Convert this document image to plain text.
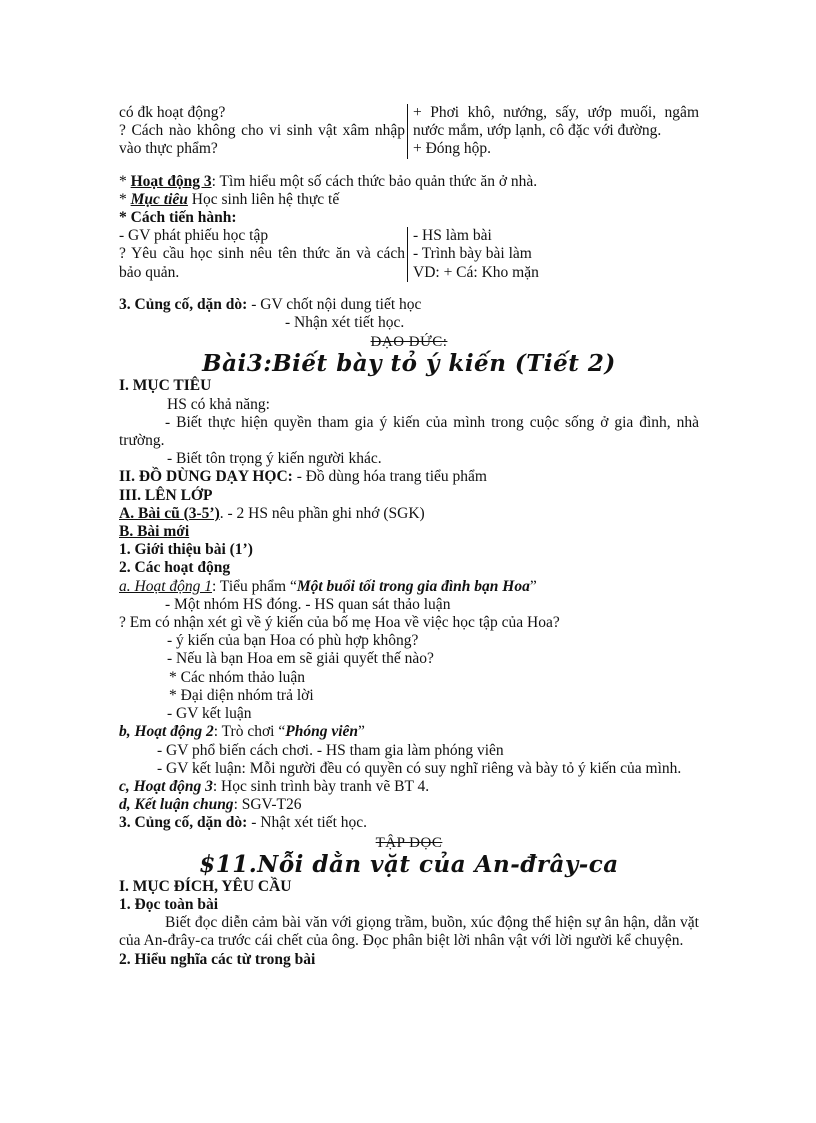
có đk hoạt động?
? Cách nào không cho vi sinh vật xâm nhập vào thực phẩm?
+ Phơi khô, nướng, sấy, ướp muối, ngâm nước mắm, ướp lạnh, cô đặc với đường.
+ Đóng hộp.
* Hoạt động 3: Tìm hiểu một số cách thức bảo quản thức ăn ở nhà.
* Mục tiêu Học sinh liên hệ thực tế
* Cách tiến hành:
- GV phát phiếu học tập
? Yêu cầu học sinh nêu tên thức ăn và cách bảo quản.
- HS làm bài
- Trình bày bài làm
VD: + Cá: Kho mặn
3. Củng cố, dặn dò: - GV chốt nội dung tiết học
- Nhận xét tiết học.
ĐẠO ĐỨC:
Bài3:Biết bày tỏ ý kiến (Tiết 2)
I. MỤC TIÊU
HS có khả năng:
- Biết thực hiện quyền tham gia ý kiến của mình trong cuộc sống ở gia đình, nhà trường.
- Biết tôn trọng ý kiến người khác.
II. ĐỒ DÙNG DẠY HỌC: - Đồ dùng hóa trang tiểu phẩm
III. LÊN LỚP
A. Bài cũ (3-5’). - 2 HS nêu phần ghi nhớ (SGK)
B. Bài mới
1. Giới thiệu bài (1’)
2. Các hoạt động
a. Hoạt động 1: Tiểu phẩm “Một buổi tối trong gia đình bạn Hoa”
- Một nhóm HS đóng. - HS quan sát thảo luận
? Em có nhận xét gì về ý kiến của bố mẹ Hoa về việc học tập của Hoa?
- ý kiến của bạn Hoa có phù hợp không?
- Nếu là bạn Hoa em sẽ giải quyết thế nào?
* Các nhóm thảo luận
* Đại diện nhóm trả lời
- GV kết luận
b, Hoạt động 2: Trò chơi “Phóng viên”
- GV phổ biến cách chơi. - HS tham gia làm phóng viên
- GV kết luận: Mỗi người đều có quyền có suy nghĩ riêng và bày tỏ ý kiến của mình.
c, Hoạt động 3: Học sinh trình bày tranh vẽ BT 4.
d, Kết luận chung: SGV-T26
3. Củng cố, dặn dò: - Nhật xét tiết học.
TẬP ĐỌC
$11.Nỗi dằn vặt của An-đrây-ca
I. MỤC ĐÍCH, YÊU CẦU
1. Đọc toàn bài
Biết đọc diễn cảm bài văn với giọng trầm, buồn, xúc động thể hiện sự ân hận, dằn vặt của An-đrây-ca trước cái chết của ông. Đọc phân biệt lời nhân vật với lời người kể chuyện.
2. Hiểu nghĩa các từ trong bài
